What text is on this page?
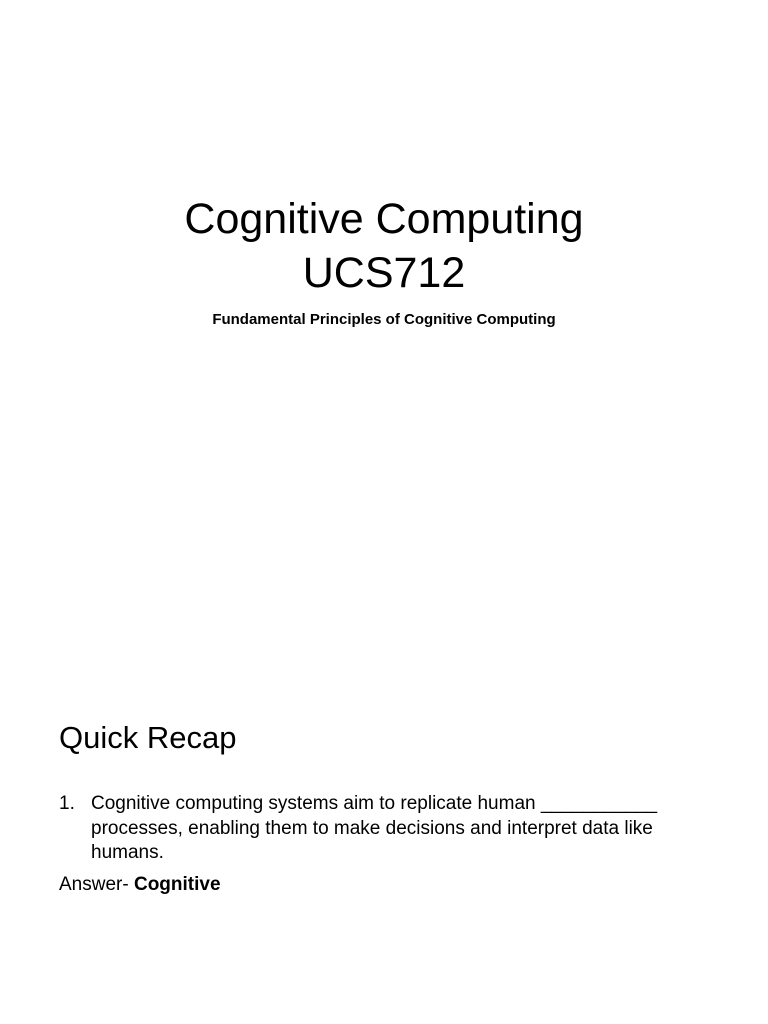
Cognitive Computing
UCS712
Fundamental Principles of Cognitive Computing
Quick Recap
1. Cognitive computing systems aim to replicate human ___________ processes, enabling them to make decisions and interpret data like humans.
Answer- Cognitive
